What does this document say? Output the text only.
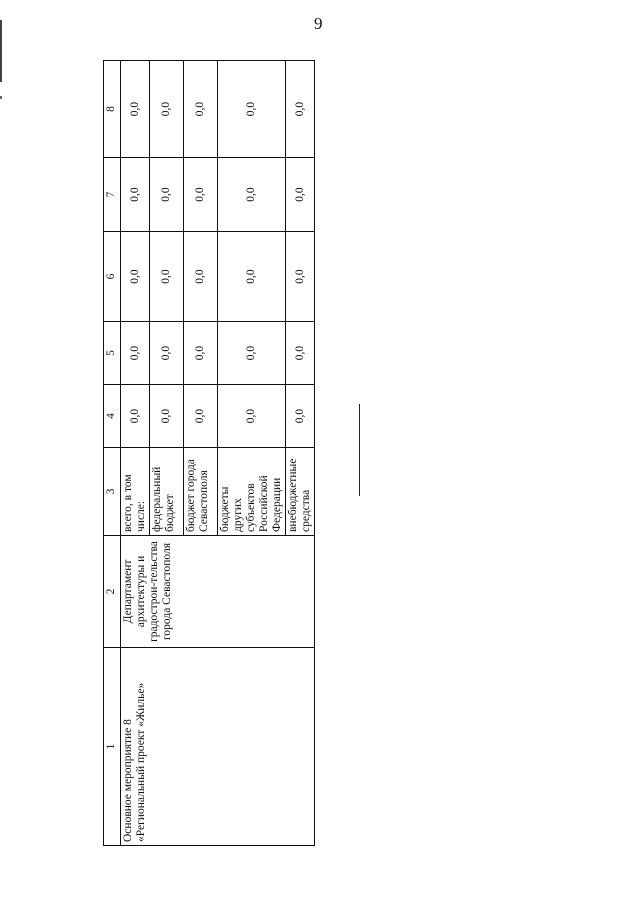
9
1	2	3	4	5	6	7	8
Основное мероприятие 8 «Региональный проект «Жилье»	Департамент архитектуры и градострои-тельства города Севастополя	всего, в том числе:	0,0	0,0	0,0	0,0	0,0
		федеральный бюджет	0,0	0,0	0,0	0,0	0,0
		бюджет города Севастополя	0,0	0,0	0,0	0,0	0,0
		бюджеты других субъектов Российской Федерации	0,0	0,0	0,0	0,0	0,0
		внебюджетные средства	0,0	0,0	0,0	0,0	0,0
